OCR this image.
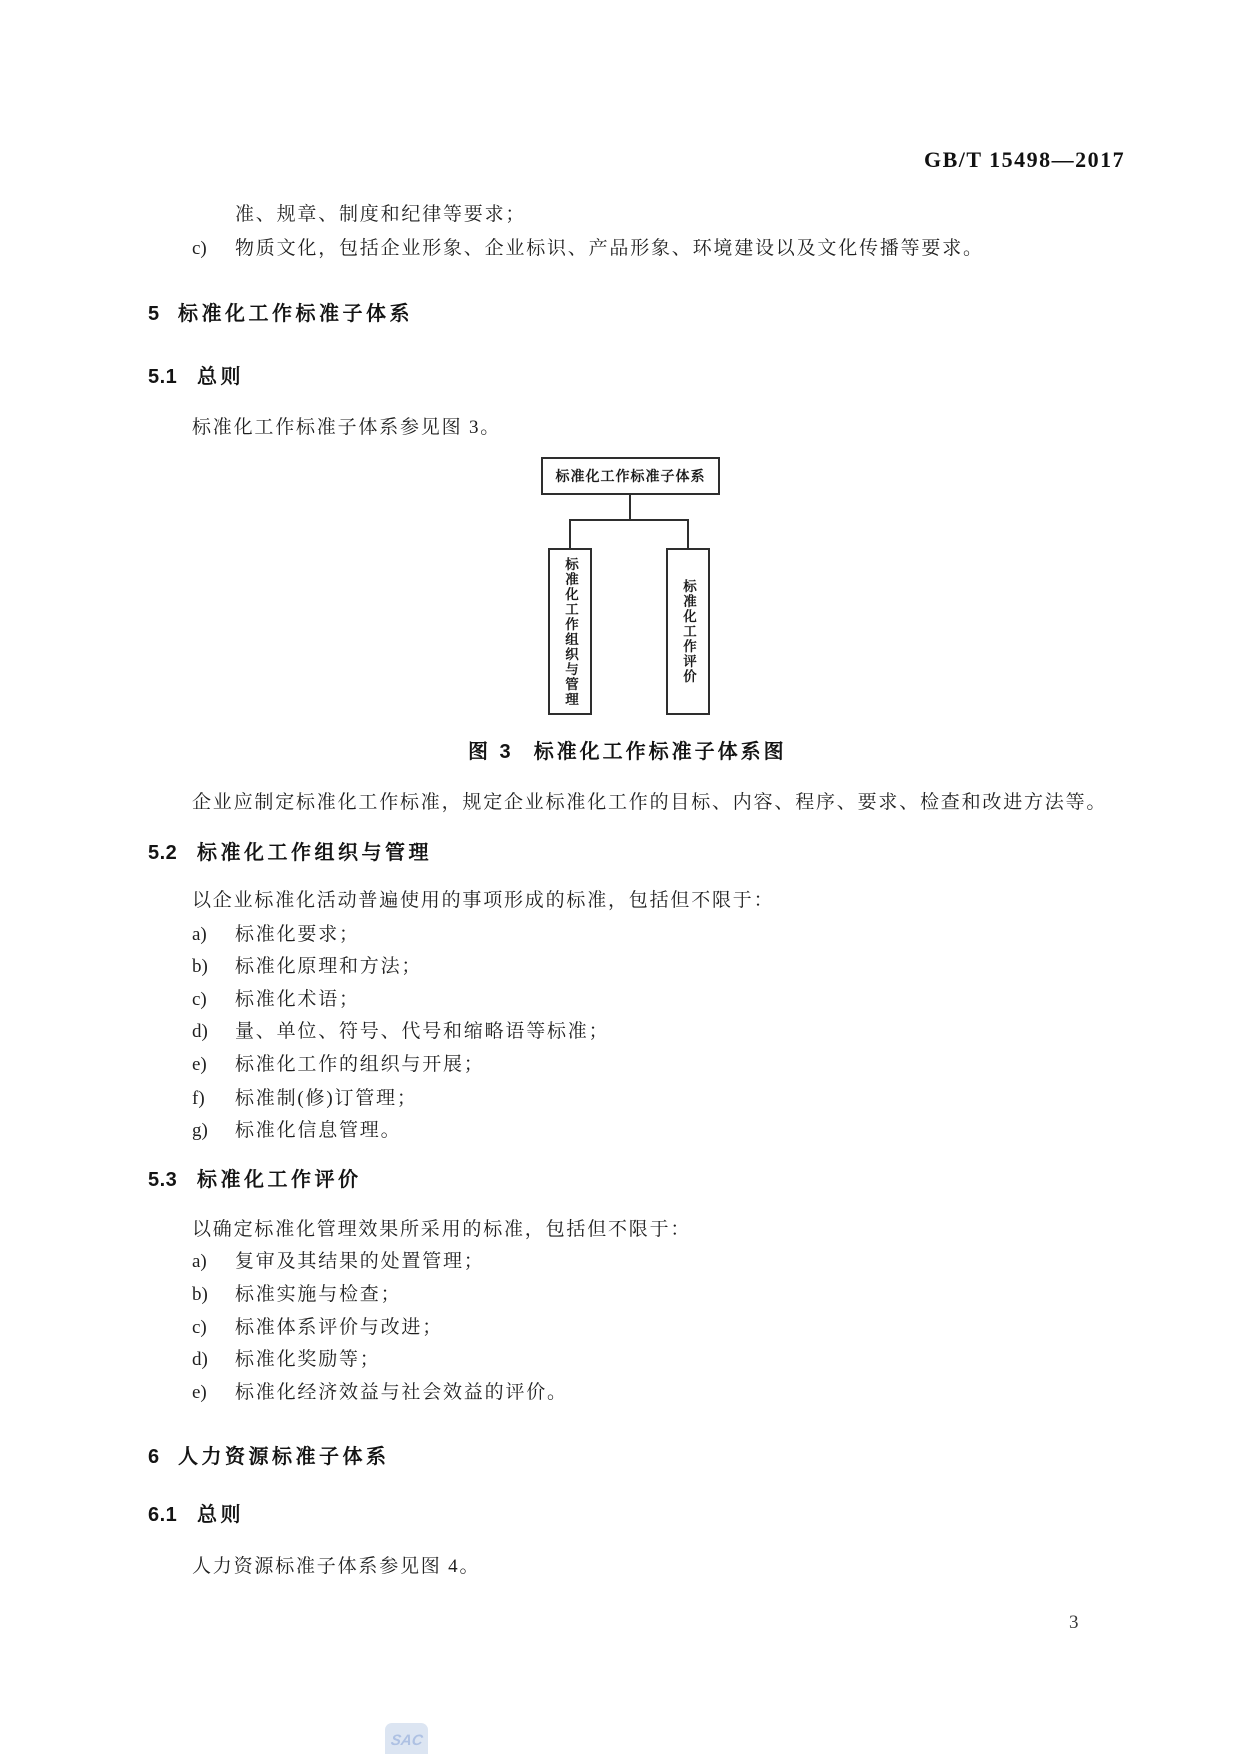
GB/T 15498—2017
准、规章、制度和纪律等要求；
c) 物质文化，包括企业形象、企业标识、产品形象、环境建设以及文化传播等要求。
5 标准化工作标准子体系
5.1 总则
标准化工作标准子体系参见图 3。
标准化工作标准子体系
标准化工作组织与管理	标准化工作评价
图 3 标准化工作标准子体系图
企业应制定标准化工作标准，规定企业标准化工作的目标、内容、程序、要求、检查和改进方法等。
5.2 标准化工作组织与管理
以企业标准化活动普遍使用的事项形成的标准，包括但不限于：
a) 标准化要求；
b) 标准化原理和方法；
c) 标准化术语；
d) 量、单位、符号、代号和缩略语等标准；
e) 标准化工作的组织与开展；
f) 标准制(修)订管理；
g) 标准化信息管理。
5.3 标准化工作评价
以确定标准化管理效果所采用的标准，包括但不限于：
a) 复审及其结果的处置管理；
b) 标准实施与检查；
c) 标准体系评价与改进；
d) 标准化奖励等；
e) 标准化经济效益与社会效益的评价。
6 人力资源标准子体系
6.1 总则
人力资源标准子体系参见图 4。
3
SAC
